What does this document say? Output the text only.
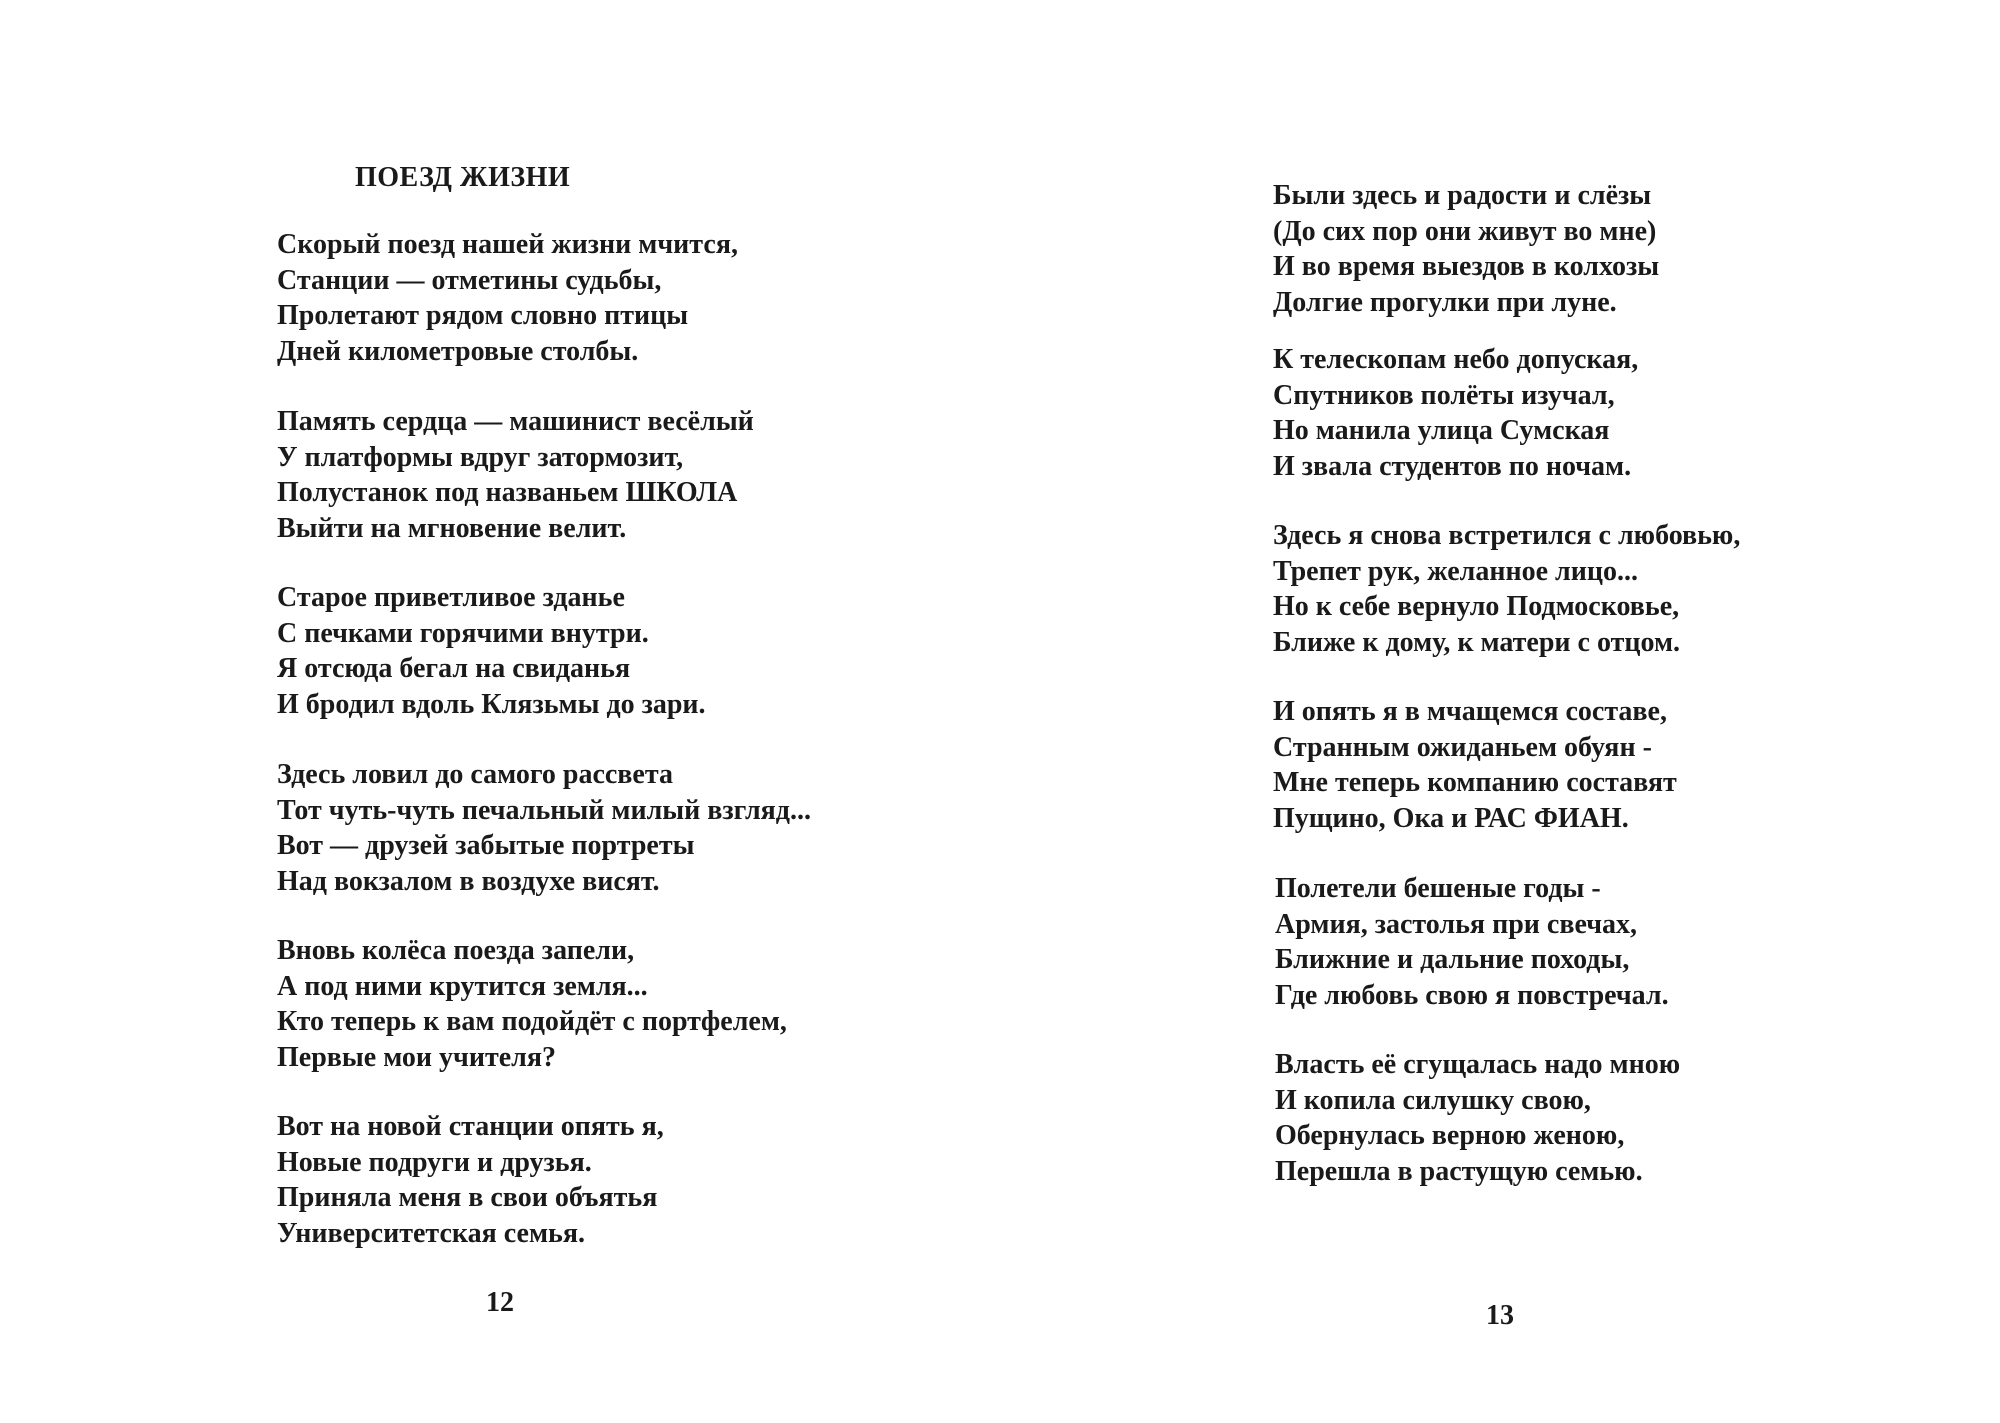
ПОЕЗД ЖИЗНИ
Скорый поезд нашей жизни мчится,
Станции — отметины судьбы,
Пролетают рядом словно птицы
Дней километровые столбы.
Память сердца — машинист весёлый
У платформы вдруг затормозит,
Полустанок под названьем ШКОЛА
Выйти на мгновение велит.
Старое приветливое зданье
С печками горячими внутри.
Я отсюда бегал на свиданья
И бродил вдоль Клязьмы до зари.
Здесь ловил до самого рассвета
Тот чуть-чуть печальный милый взгляд...
Вот — друзей забытые портреты
Над вокзалом в воздухе висят.
Вновь колёса поезда запели,
А под ними крутится земля...
Кто теперь к вам подойдёт с портфелем,
Первые мои учителя?
Вот на новой станции опять я,
Новые подруги и друзья.
Приняла меня в свои объятья
Университетская семья.
12
Были здесь и радости и слёзы
(До сих пор они живут во мне)
И во время выездов в колхозы
Долгие прогулки при луне.
К телескопам небо допуская,
Спутников полёты изучал,
Но манила улица Сумская
И звала студентов по ночам.
Здесь я снова встретился с любовью,
Трепет рук, желанное лицо...
Но к себе вернуло Подмосковье,
Ближе к дому, к матери с отцом.
И опять я в мчащемся составе,
Странным ожиданьем обуян -
Мне теперь компанию составят
Пущино, Ока и РАС ФИАН.
Полетели бешеные годы -
Армия, застолья при свечах,
Ближние и дальние походы,
Где любовь свою я повстречал.
Власть её сгущалась надо мною
И копила силушку свою,
Обернулась верною женою,
Перешла в растущую семью.
13
